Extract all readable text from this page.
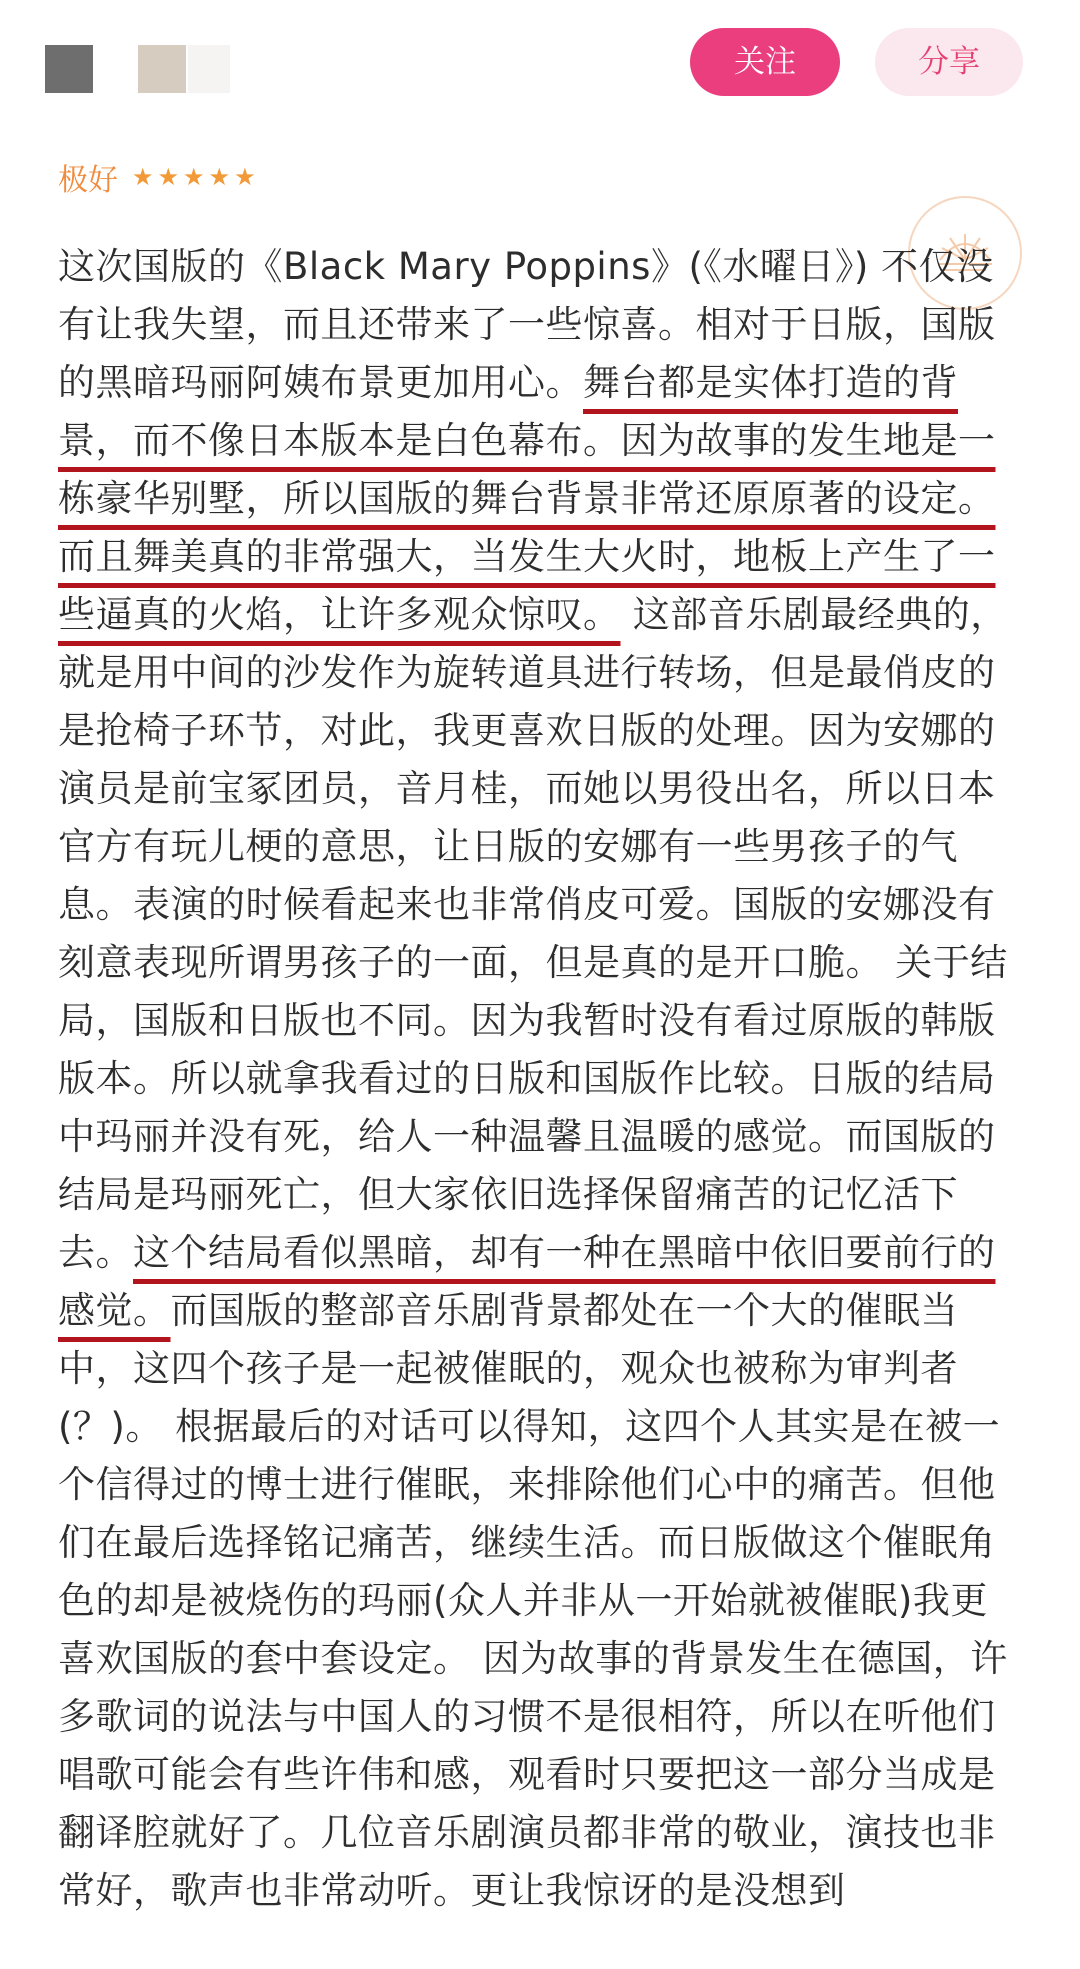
关注	分享
极好 ★ ★ ★ ★ ★

这次国版的《Black Mary Poppins》(《水曜日》) 不仅没有让我失望，而且还带来了一些惊喜。相对于日版，国版的黑暗玛丽阿姨布景更加用心。舞台都是实体打造的背景，而不像日本版本是白色幕布。因为故事的发生地是一栋豪华别墅，所以国版的舞台背景非常还原原著的设定。而且舞美真的非常强大，当发生大火时，地板上产生了一些逼真的火焰，让许多观众惊叹。 这部音乐剧最经典的，就是用中间的沙发作为旋转道具进行转场，但是最俏皮的是抢椅子环节，对此，我更喜欢日版的处理。因为安娜的演员是前宝冢团员，音月桂，而她以男役出名，所以日本官方有玩儿梗的意思，让日版的安娜有一些男孩子的气息。表演的时候看起来也非常俏皮可爱。国版的安娜没有刻意表现所谓男孩子的一面，但是真的是开口脆。 关于结局，国版和日版也不同。因为我暂时没有看过原版的韩版版本。所以就拿我看过的日版和国版作比较。日版的结局中玛丽并没有死，给人一种温馨且温暖的感觉。而国版的结局是玛丽死亡，但大家依旧选择保留痛苦的记忆活下去。这个结局看似黑暗，却有一种在黑暗中依旧要前行的感觉。而国版的整部音乐剧背景都处在一个大的催眠当中，这四个孩子是一起被催眠的，观众也被称为审判者(？)。 根据最后的对话可以得知，这四个人其实是在被一个信得过的博士进行催眠，来排除他们心中的痛苦。但他们在最后选择铭记痛苦，继续生活。而日版做这个催眠角色的却是被烧伤的玛丽(众人并非从一开始就被催眠)我更喜欢国版的套中套设定。 因为故事的背景发生在德国，许多歌词的说法与中国人的习惯不是很相符，所以在听他们唱歌可能会有些许伟和感，观看时只要把这一部分当成是翻译腔就好了。几位音乐剧演员都非常的敬业，演技也非常好，歌声也非常动听。更让我惊讶的是没想到
